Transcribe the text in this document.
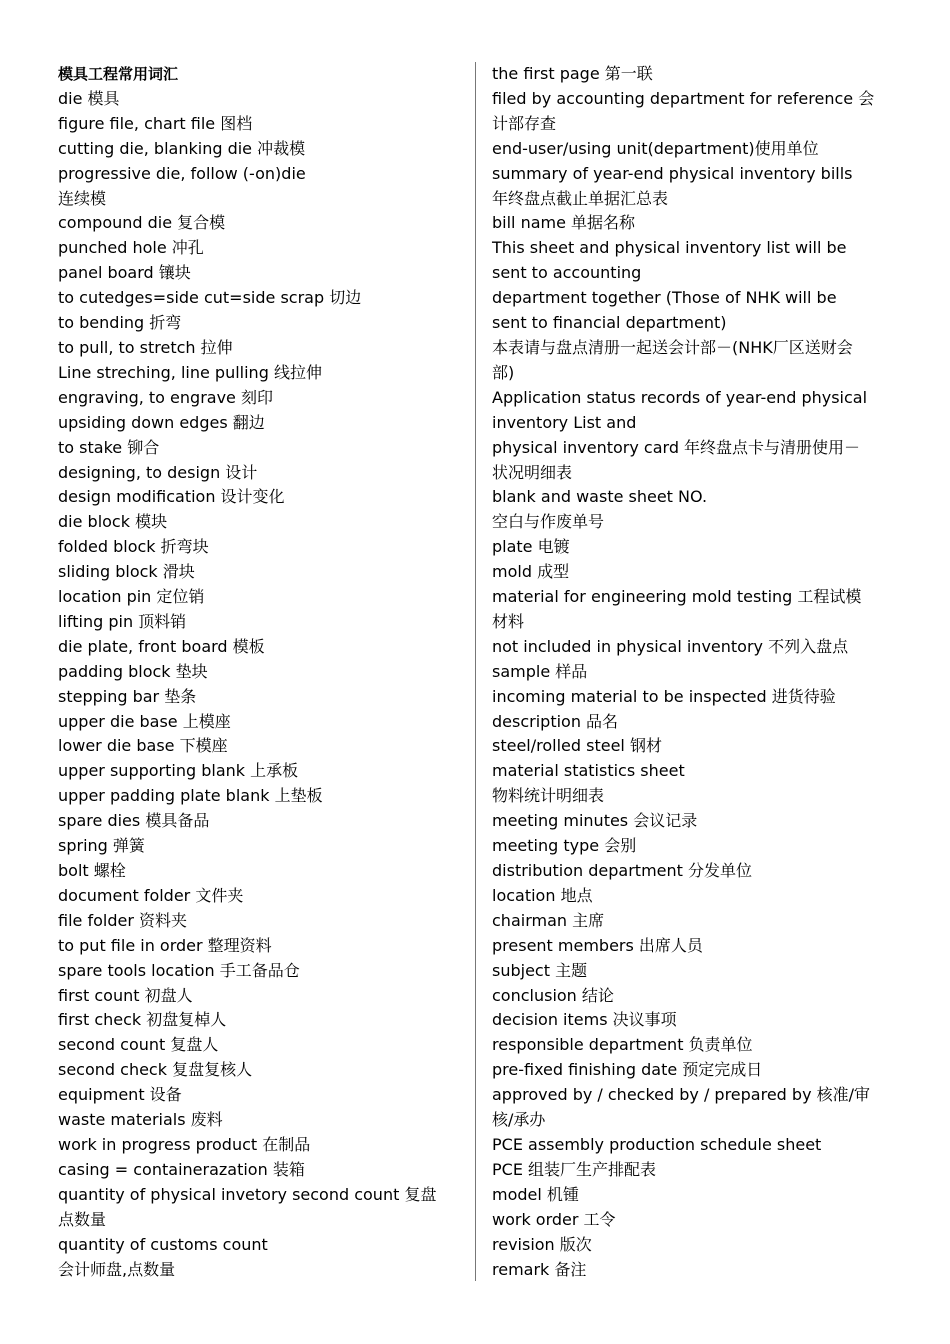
模具工程常用词汇
die 模具
figure file, chart file 图档
cutting die, blanking die 冲裁模
progressive die, follow (-on)die
连续模
compound die 复合模
punched hole 冲孔
panel board 镶块
to cutedges=side cut=side scrap 切边
to bending 折弯
to pull, to stretch 拉伸
Line streching, line pulling 线拉伸
engraving, to engrave 刻印
upsiding down edges 翻边
to stake 铆合
designing, to design 设计
design modification 设计变化
die block 模块
folded block 折弯块
sliding block 滑块
location pin 定位销
lifting pin 顶料销
die plate, front board 模板
padding block 垫块
stepping bar 垫条
upper die base 上模座
lower die base 下模座
upper supporting blank 上承板
upper padding plate blank 上垫板
spare dies 模具备品
spring 弹簧
bolt 螺栓
document folder 文件夹
file folder 资料夹
to put file in order 整理资料
spare tools location 手工备品仓
first count 初盘人
first check 初盘复棹人
second count 复盘人
second check 复盘复核人
equipment 设备
waste materials 废料
work in progress product 在制品
casing = containerazation 装箱
quantity of physical invetory second count 复盘
点数量
quantity of customs count
会计师盘,点数量
the first page 第一联
filed by accounting department for reference 会
计部存查
end-user/using unit(department)使用单位
summary of year-end physical inventory bills
年终盘点截止单据汇总表
bill name 单据名称
This sheet and physical inventory list will be
sent to accounting
department together (Those of NHK will be
sent to financial department)
本表请与盘点清册一起送会计部－(NHK厂区送财会
部)
Application status records of year-end physical
inventory List and
physical inventory card 年终盘点卡与清册使用－
状况明细表
blank and waste sheet NO.
空白与作废单号
plate 电镀
mold 成型
material for engineering mold testing 工程试模
材料
not included in physical inventory 不列入盘点
sample 样品
incoming material to be inspected 进货待验
description 品名
steel/rolled steel 钢材
material statistics sheet
物料统计明细表
meeting minutes 会议记录
meeting type 会别
distribution department 分发单位
location 地点
chairman 主席
present members 出席人员
subject 主题
conclusion 结论
decision items 决议事项
responsible department 负责单位
pre-fixed finishing date 预定完成日
approved by / checked by / prepared by 核准/审
核/承办
PCE assembly production schedule sheet
PCE 组装厂生产排配表
model 机锺
work order 工令
revision 版次
remark 备注
